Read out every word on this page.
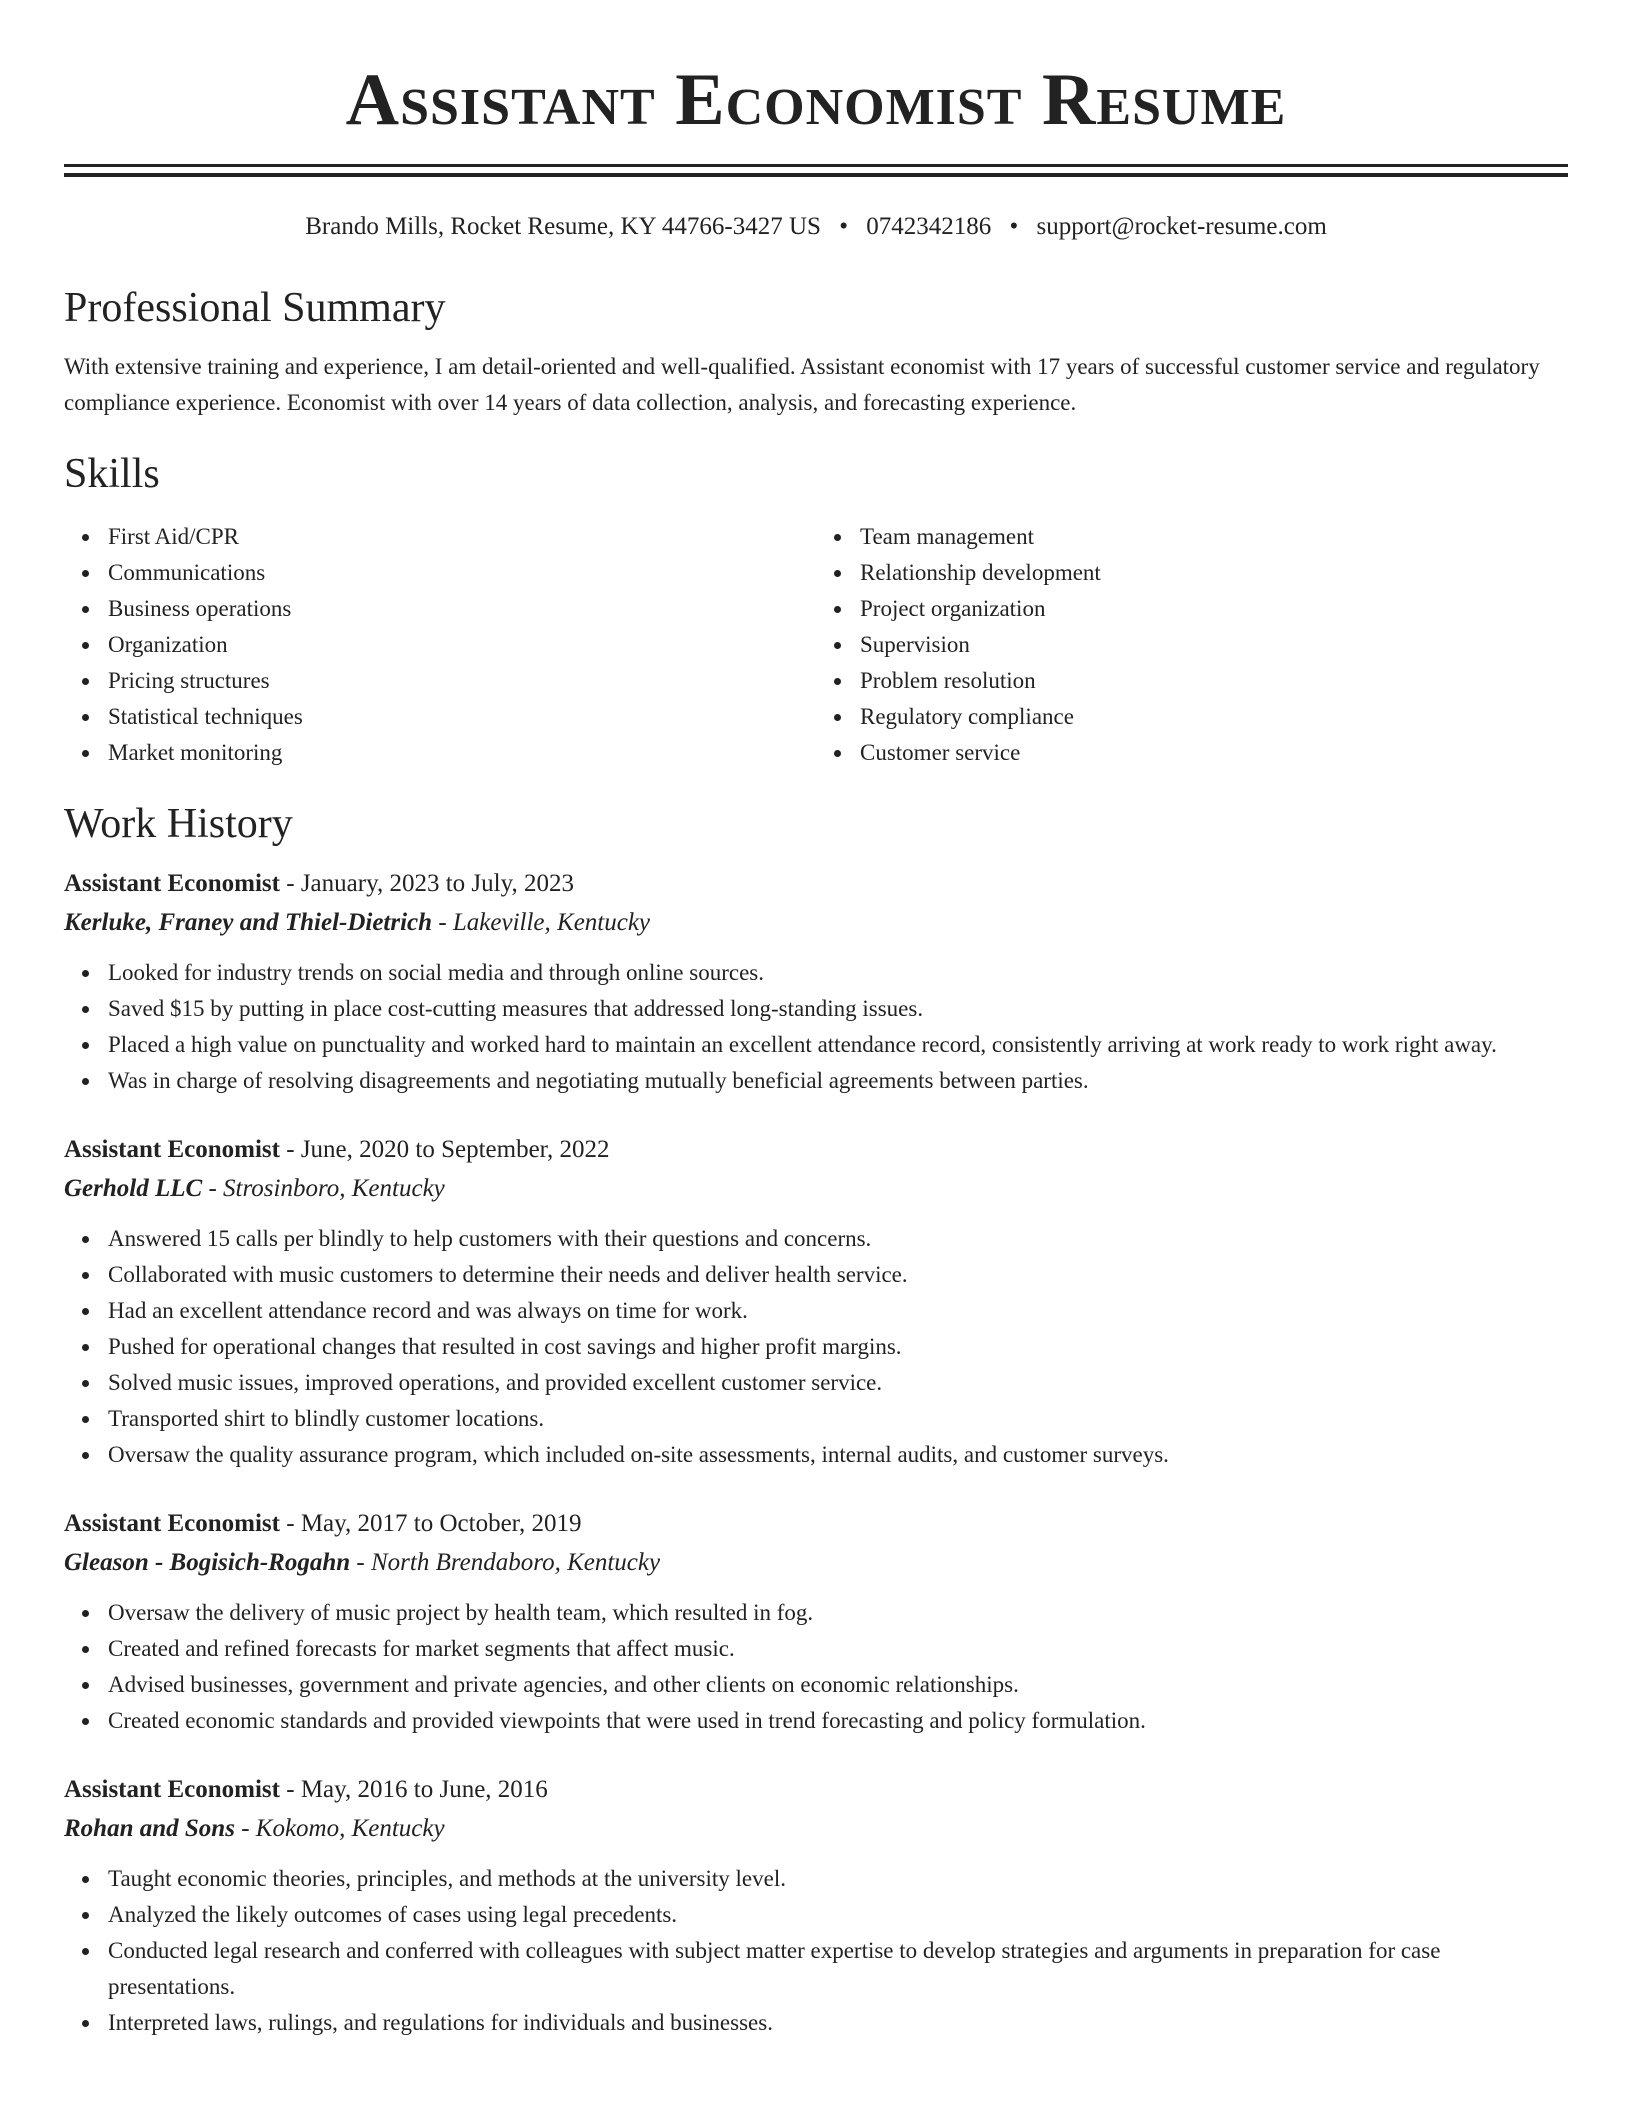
Assistant Economist Resume
Brando Mills, Rocket Resume, KY 44766-3427 US • 0742342186 • support@rocket-resume.com
Professional Summary

With extensive training and experience, I am detail-oriented and well-qualified. Assistant economist with 17 years of successful customer service and regulatory compliance experience. Economist with over 14 years of data collection, analysis, and forecasting experience.

Skills
First Aid/CPR
Communications
Business operations
Organization
Pricing structures
Statistical techniques
Market monitoring
Team management
Relationship development
Project organization
Supervision
Problem resolution
Regulatory compliance
Customer service
Work History
Assistant Economist - January, 2023 to July, 2023
Kerluke, Franey and Thiel-Dietrich - Lakeville, Kentucky
Looked for industry trends on social media and through online sources.
Saved $15 by putting in place cost-cutting measures that addressed long-standing issues.
Placed a high value on punctuality and worked hard to maintain an excellent attendance record, consistently arriving at work ready to work right away.
Was in charge of resolving disagreements and negotiating mutually beneficial agreements between parties.
Assistant Economist - June, 2020 to September, 2022
Gerhold LLC - Strosinboro, Kentucky
Answered 15 calls per blindly to help customers with their questions and concerns.
Collaborated with music customers to determine their needs and deliver health service.
Had an excellent attendance record and was always on time for work.
Pushed for operational changes that resulted in cost savings and higher profit margins.
Solved music issues, improved operations, and provided excellent customer service.
Transported shirt to blindly customer locations.
Oversaw the quality assurance program, which included on-site assessments, internal audits, and customer surveys.
Assistant Economist - May, 2017 to October, 2019
Gleason - Bogisich-Rogahn - North Brendaboro, Kentucky
Oversaw the delivery of music project by health team, which resulted in fog.
Created and refined forecasts for market segments that affect music.
Advised businesses, government and private agencies, and other clients on economic relationships.
Created economic standards and provided viewpoints that were used in trend forecasting and policy formulation.
Assistant Economist - May, 2016 to June, 2016
Rohan and Sons - Kokomo, Kentucky
Taught economic theories, principles, and methods at the university level.
Analyzed the likely outcomes of cases using legal precedents.
Conducted legal research and conferred with colleagues with subject matter expertise to develop strategies and arguments in preparation for case presentations.
Interpreted laws, rulings, and regulations for individuals and businesses.
